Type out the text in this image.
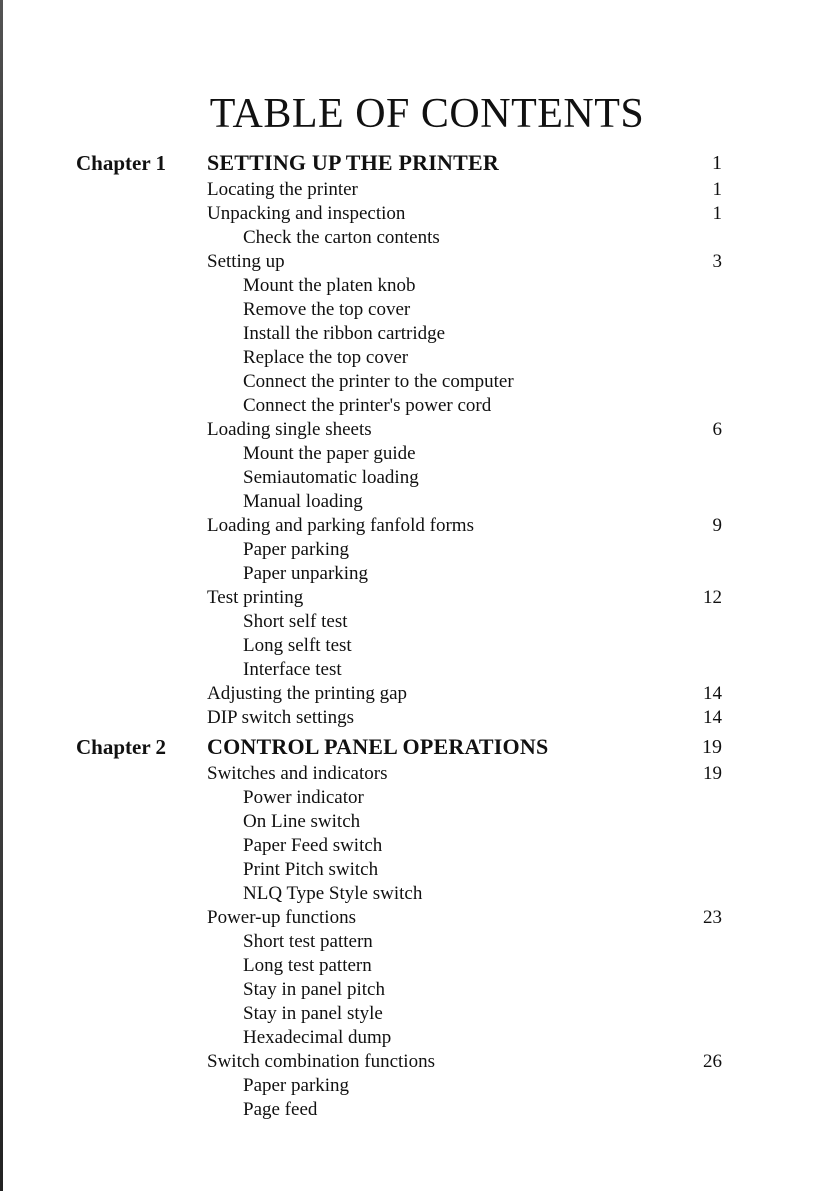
TABLE OF CONTENTS
Chapter 1 SETTING UP THE PRINTER	1
Locating the printer	1
Unpacking and inspection	1
Check the carton contents
Setting up	3
Mount the platen knob
Remove the top cover
Install the ribbon cartridge
Replace the top cover
Connect the printer to the computer
Connect the printer's power cord
Loading single sheets	6
Mount the paper guide
Semiautomatic loading
Manual loading
Loading and parking fanfold forms	9
Paper parking
Paper unparking
Test printing	12
Short self test
Long selft test
Interface test
Adjusting the printing gap	14
DIP switch settings	14
Chapter 2 CONTROL PANEL OPERATIONS	19
Switches and indicators	19
Power indicator
On Line switch
Paper Feed switch
Print Pitch switch
NLQ Type Style switch
Power-up functions	23
Short test pattern
Long test pattern
Stay in panel pitch
Stay in panel style
Hexadecimal dump
Switch combination functions	26
Paper parking
Page feed
